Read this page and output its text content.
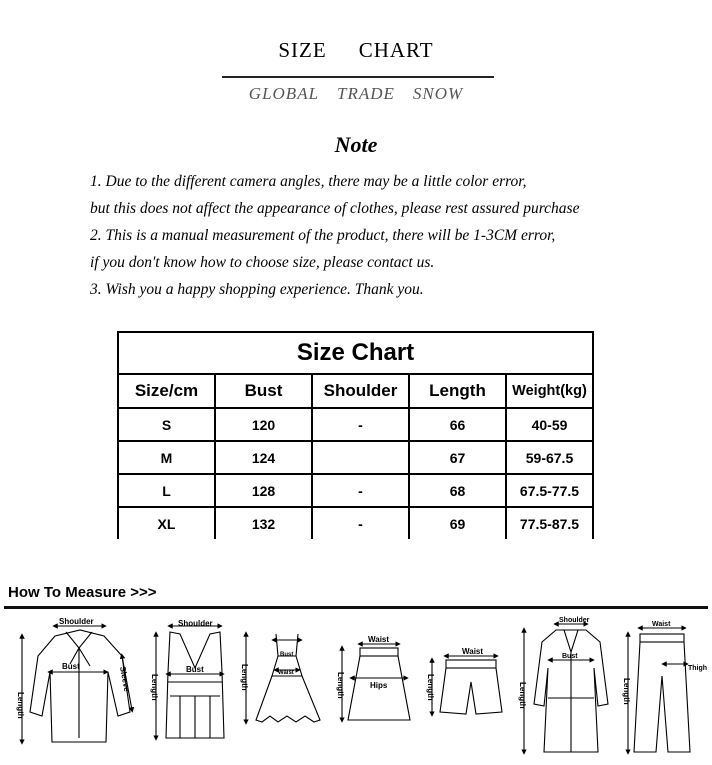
SIZE CHART
GLOBAL TRADE SNOW
Note
1. Due to the different camera angles, there may be a little color error,
but this does not affect the appearance of clothes, please rest assured purchase
2. This is a manual measurement of the product, there will be 1-3CM error,
if you don't know how to choose size, please contact us.
3. Wish you a happy shopping experience. Thank you.
Size Chart				
Size/cm	Bust	Shoulder	Length	Weight(kg)
S	120	-	66	40-59
M	124		67	59-67.5
L	128	-	68	67.5-77.5
XL	132	-	69	77.5-87.5
How To Measure >>>
Shoulder
Bust
Length
Sleeve
Shoulder
Bust
Length
Bust
Waist
Length
Waist
Hips
Length
Waist
Length
Shoulder
Bust
Length
Waist
Thigh
Length
